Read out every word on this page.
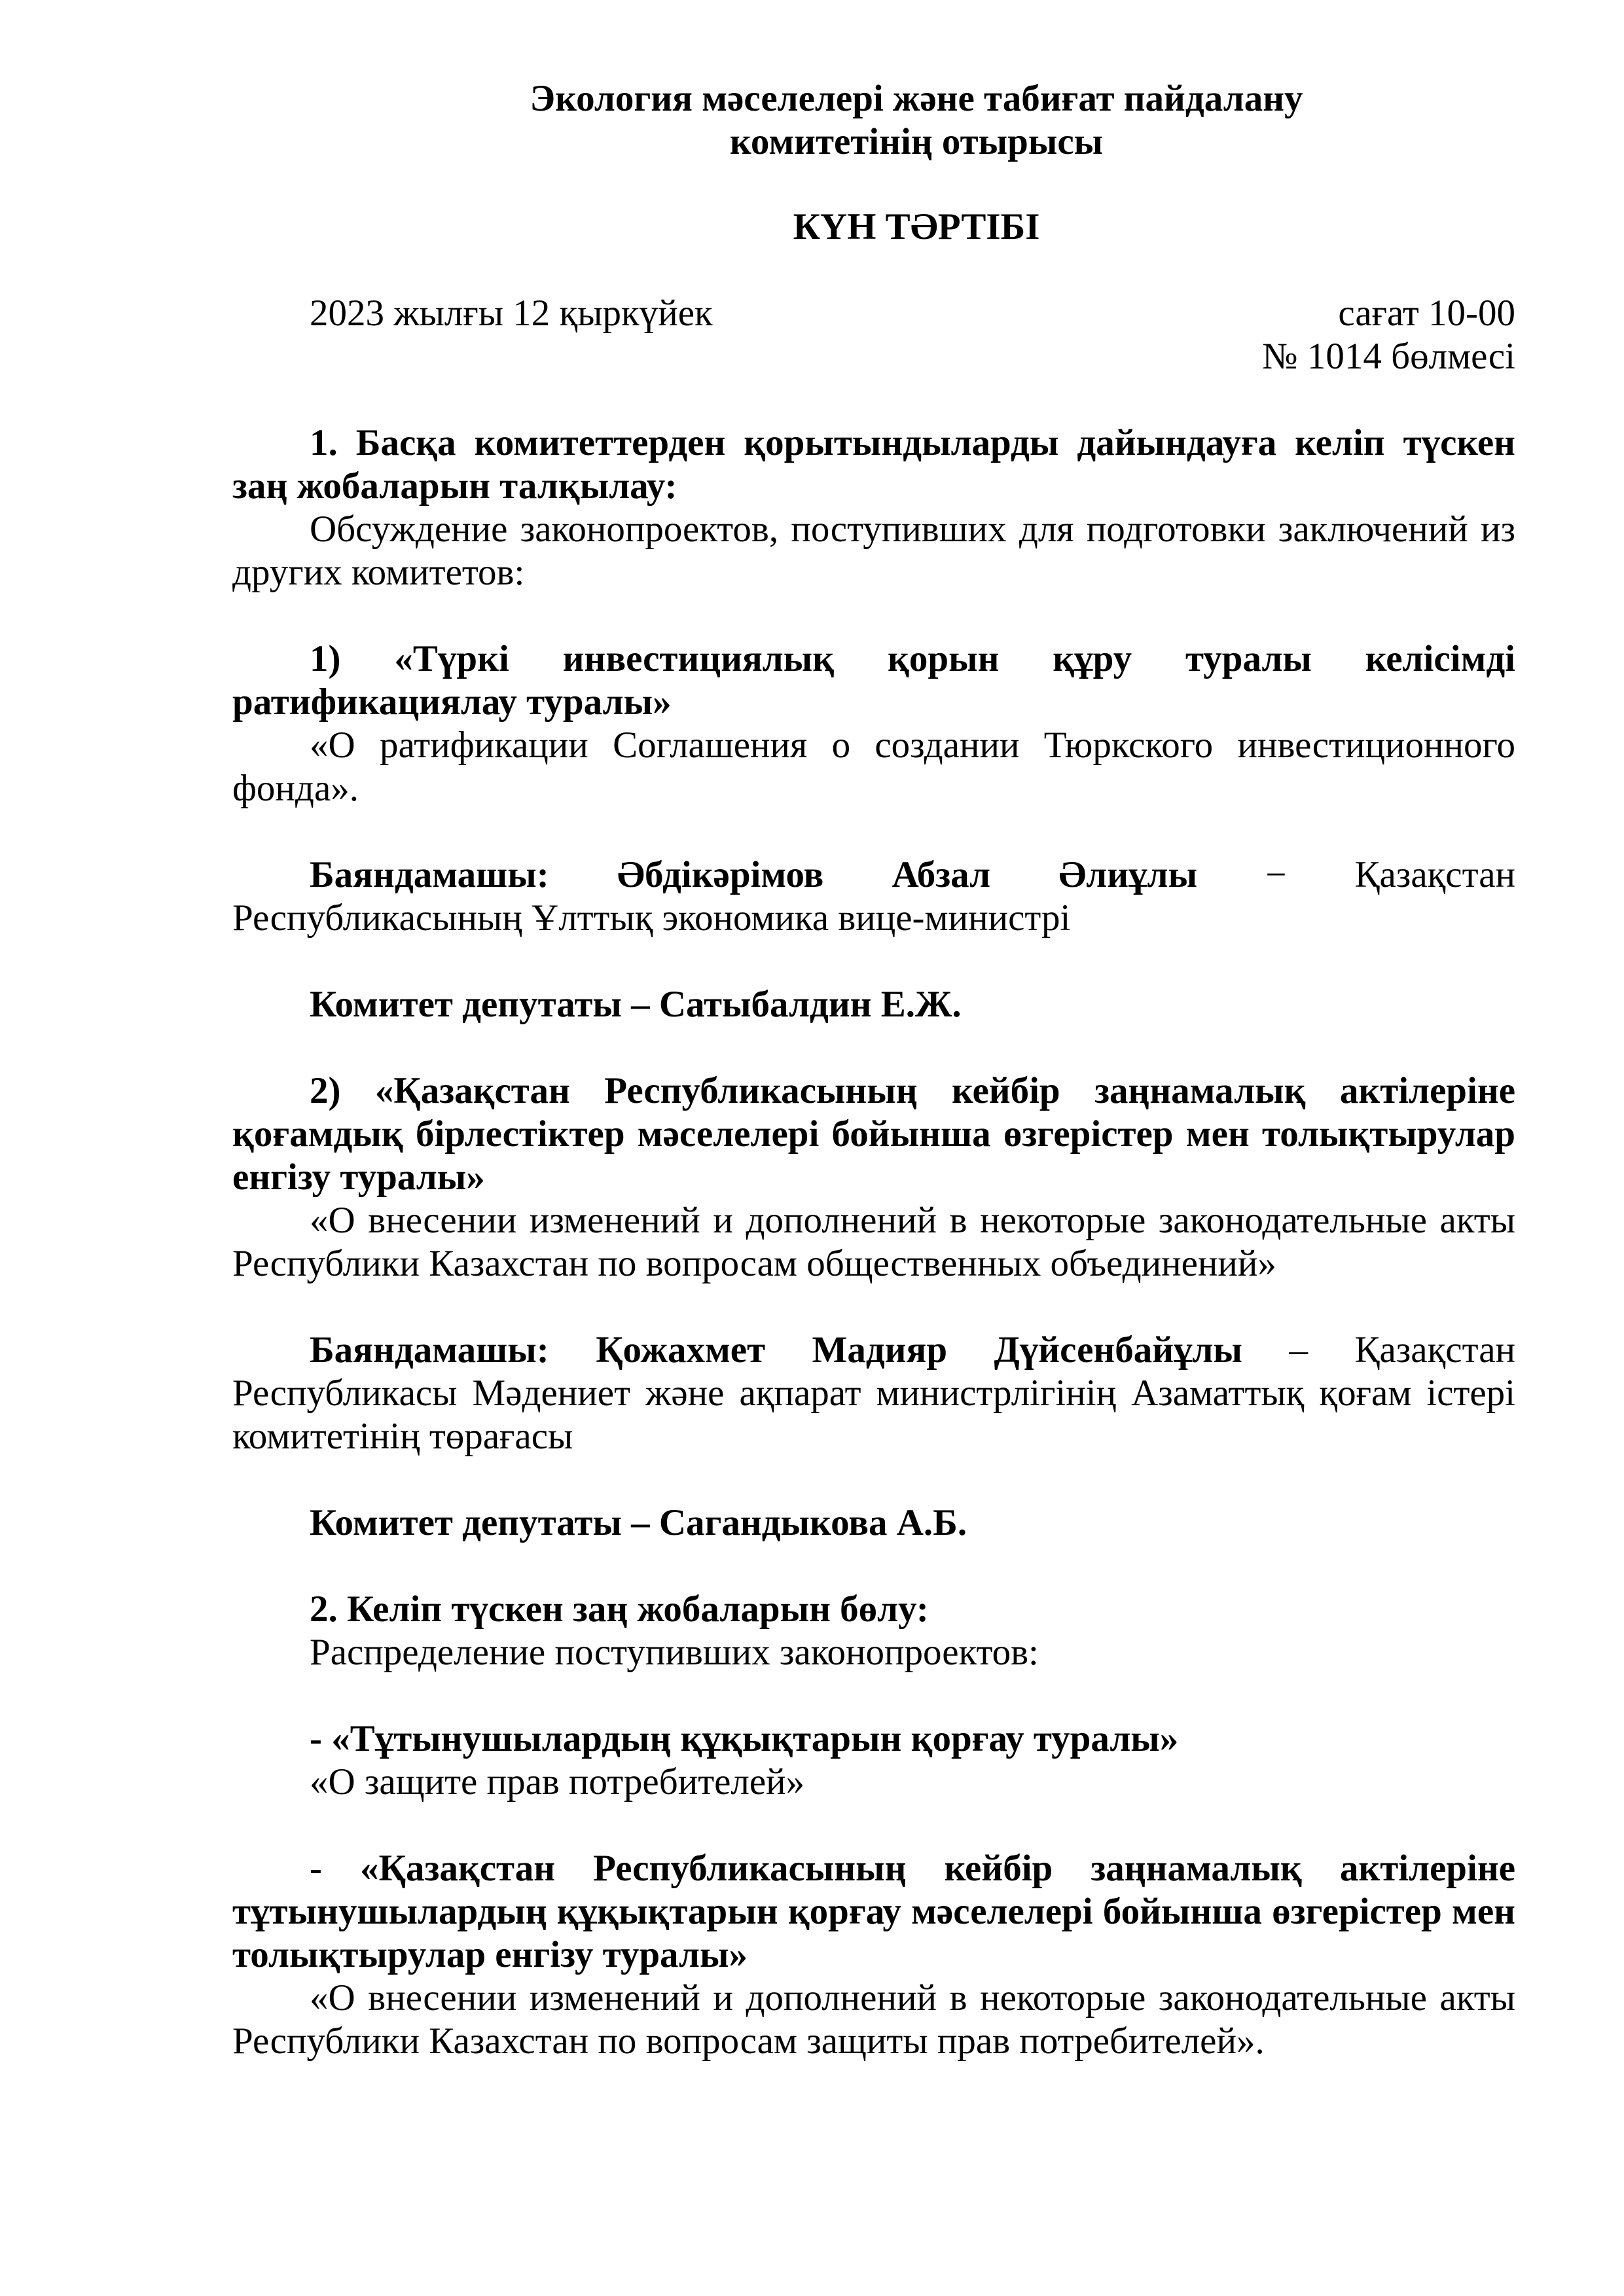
Экология мәселелері және табиғат пайдалану
комитетінің отырысы
КҮН ТӘРТІБІ
2023 жылғы 12 қыркүйек	сағат 10-00
№ 1014 бөлмесі

1. Басқа комитеттерден қорытындыларды дайындауға келіп түскен заң жобаларын талқылау:

Обсуждение законопроектов, поступивших для подготовки заключений из других комитетов:

1) «Түркі инвестициялық қорын құру туралы келісімді ратификациялау туралы»

«О ратификации Соглашения о создании Тюркского инвестиционного фонда».

Баяндамашы: Әбдікәрімов Абзал Әлиұлы − Қазақстан Республикасының Ұлттық экономика вице-министрі

Комитет депутаты – Сатыбалдин Е.Ж.

2) «Қазақстан Республикасының кейбір заңнамалық актілеріне қоғамдық бірлестіктер мәселелері бойынша өзгерістер мен толықтырулар енгізу туралы»

«О внесении изменений и дополнений в некоторые законодательные акты Республики Казахстан по вопросам общественных объединений»

Баяндамашы: Қожахмет Мадияр Дүйсенбайұлы – Қазақстан Республикасы Мәдениет және ақпарат министрлігінің Азаматтық қоғам істері комитетінің төрағасы

Комитет депутаты – Сагандыкова А.Б.

2. Келіп түскен заң жобаларын бөлу:

Распределение поступивших законопроектов:

- «Тұтынушылардың құқықтарын қорғау туралы»

«О защите прав потребителей»

- «Қазақстан Республикасының кейбір заңнамалық актілеріне тұтынушылардың құқықтарын қорғау мәселелері бойынша өзгерістер мен толықтырулар енгізу туралы»

«О внесении изменений и дополнений в некоторые законодательные акты Республики Казахстан по вопросам защиты прав потребителей».
